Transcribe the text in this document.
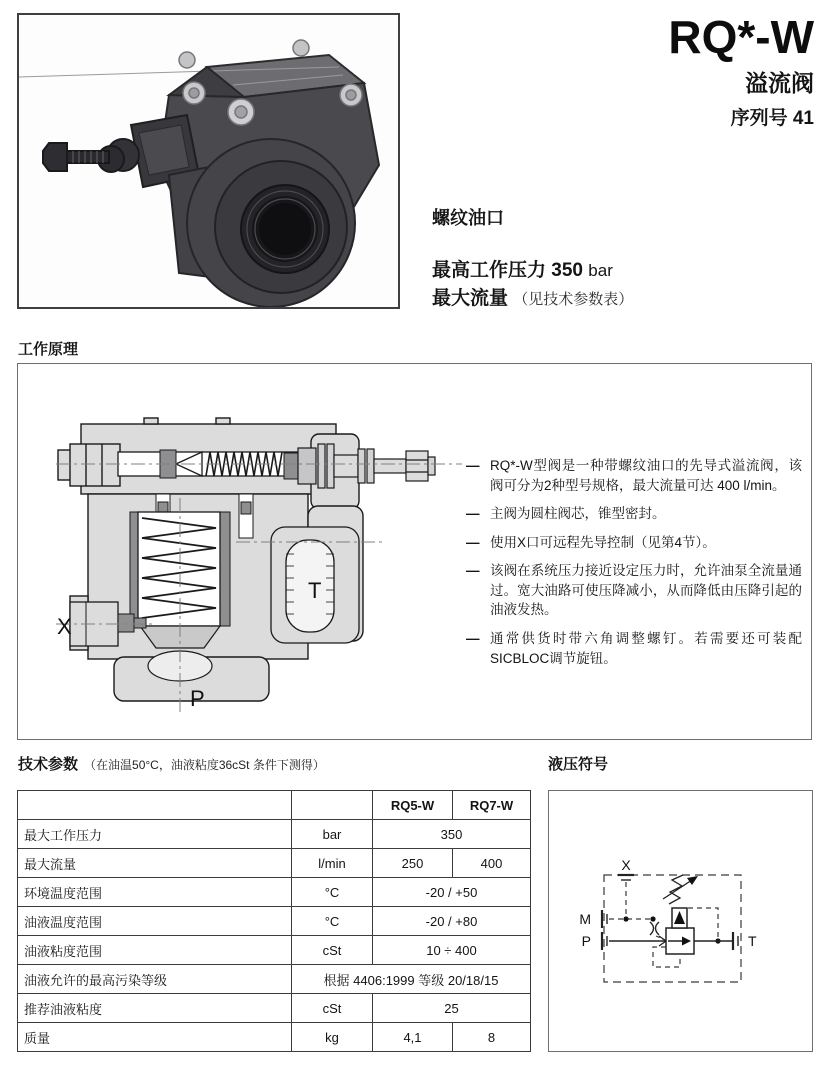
RQ*-W
溢流阀
序列号 41
螺纹油口
最高工作压力 350 bar
最大流量 （见技术参数表）
工作原理
X
T
P
— RQ*-W型阀是一种带螺纹油口的先导式溢流阀，该阀可分为2种型号规格，最大流量可达 400 l/min。
— 主阀为圆柱阀芯，锥型密封。
— 使用X口可远程先导控制（见第4节）。
— 该阀在系统压力接近设定压力时，允许油泵全流量通过。宽大油路可使压降减小，从而降低由压降引起的油液发热。
— 通常供货时带六角调整螺钉。若需要还可装配SICBLOC调节旋钮。
技术参数 （在油温50°C，油液粘度36cSt 条件下测得）
		RQ5-W	RQ7-W
最大工作压力	bar	350	
最大流量	l/min	250	400
环境温度范围	°C	-20 / +50	
油液温度范围	°C	-20 / +80	
油液粘度范围	cSt	10 ÷ 400	
油液允许的最高污染等级	根据 4406:1999 等级 20/18/15		
推荐油液粘度	cSt	25	
质量	kg	4,1	8
液压符号
X
M
P	T
